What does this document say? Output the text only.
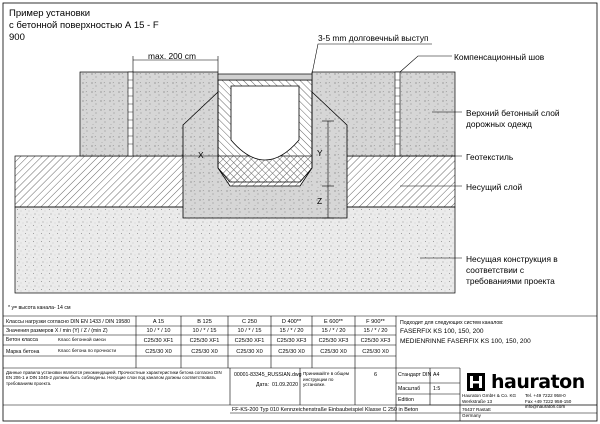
Пример установки
с бетонной поверхностью А 15 - F
900
max. 200 cm
3-5 mm долговечный выступ
X	Y
Z
Компенсационный шов
Верхний бетонный слой
дорожных одежд
Геотекстиль
Несущий слой
Несущая конструкция в
соответствии с
требованиями проекта
* у= высота канала- 14 см
Классы нагрузки согласно DIN EN 1433 / DIN 19580	A 15	B 125	C 250	D 400**	E 600**	F 900**
Значения размеров Х / min (Y) / Z / (min Z)	10 / * / 10	10 / * / 15	10 / * / 15	15 / * / 20	15 / * / 20	15 / * / 20
Бетон класса	Класс бетонной смеси	C25/30 XF1	C25/30 XF1	C25/30 XF1	C25/30 XF3	C25/30 XF3	C25/30 XF3
Марка бетона	Класс бетона по прочности	C25/30 X0	C25/30 X0	C25/30 X0	C25/30 X0	C25/30 X0	C25/30 X0
Данные правила установки являются рекомендацией. Прочностные характеристики бетона согласно DIN EN 206-1 и DIN 1045-2 должны быть соблюдены. Несущие слои под каналом должны соответствовать требованиям проекта.
Подходит для следующих систем каналов:
FASERFIX KS 100, 150, 200
MEDIENRINNE FASERFIX KS 100, 150, 200
00001-83345_RUSSIAN.dwg
Дата: 01.09.2020
Принимайте в общем инструкции по установке.
6
FF-KS-200 Typ 010 Kennzeichenstraße Einbaubeispiel Klasse C 250 in Beton
Стандарт DIN A4
Масштаб 1:5
Edition
Hauraton GmbH & Co. KG
Werkstraße 13
76437 Rastatt
Germany
Tel. +49 7222 958-0
Fax +49 7222 958-150
info@hauraton.com
hauraton
